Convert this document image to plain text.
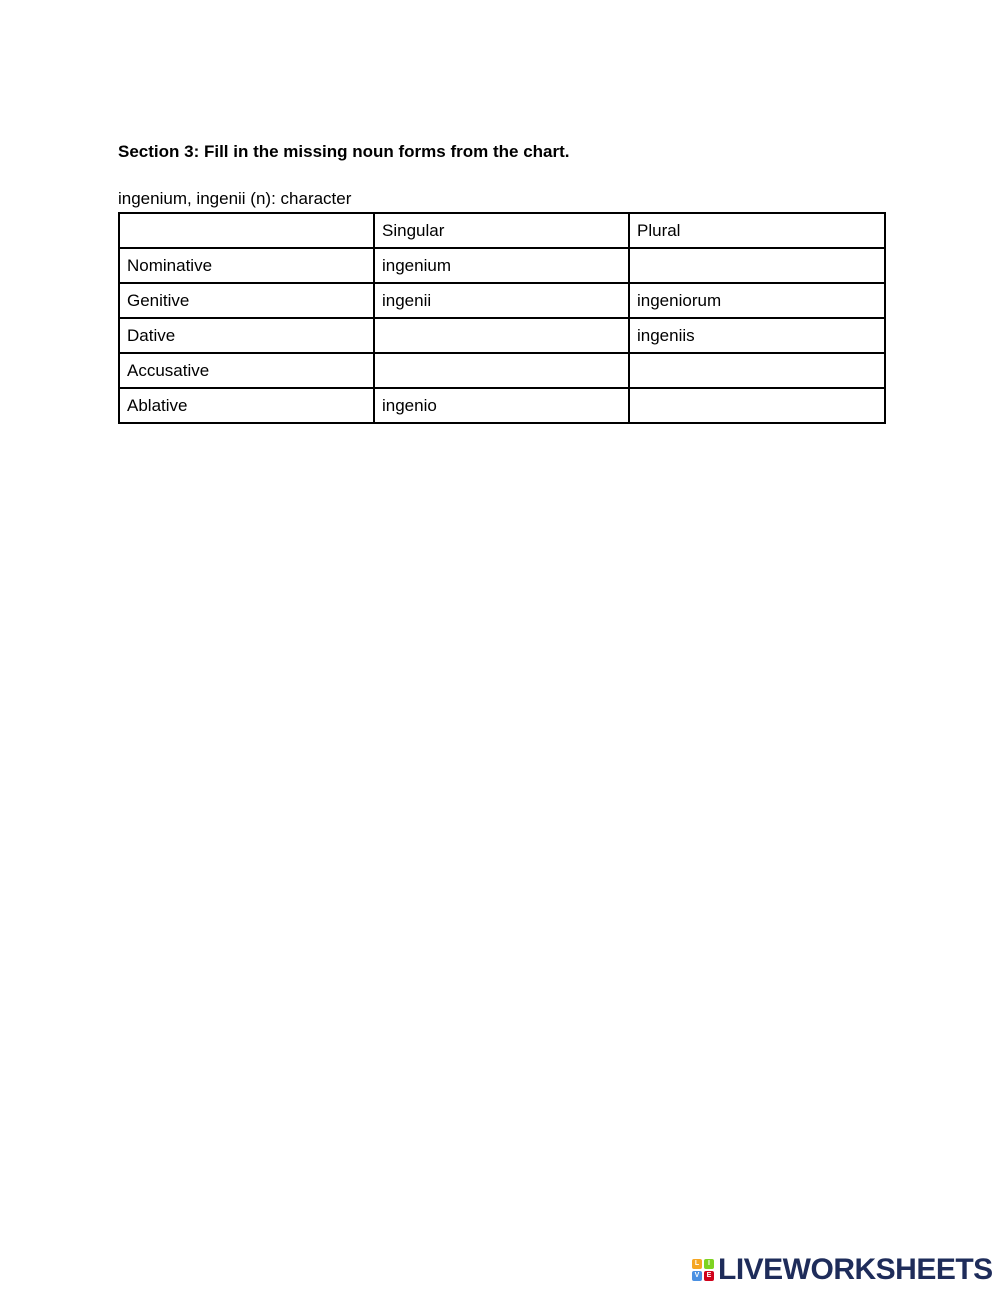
Section 3: Fill in the missing noun forms from the chart.
ingenium, ingenii (n): character
	Singular	Plural
Nominative	ingenium	
Genitive	ingenii	ingeniorum
Dative		ingeniis
Accusative		
Ablative	ingenio	
L	I
V	E LIVEWORKSHEETS
